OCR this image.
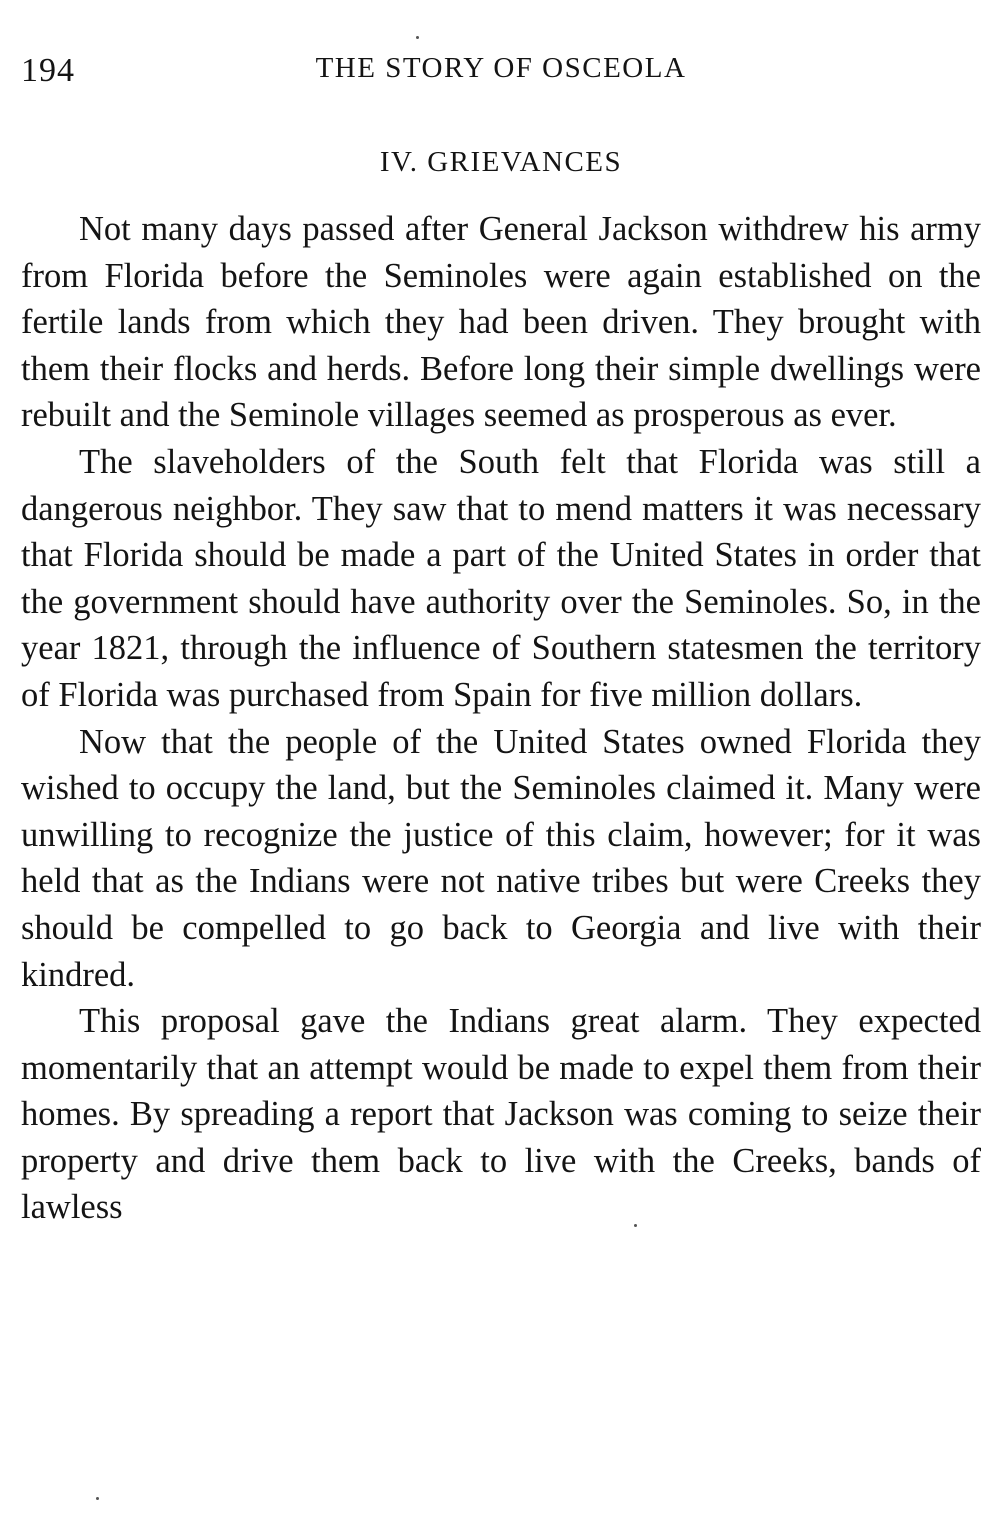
194	THE STORY OF OSCEOLA
IV. GRIEVANCES

Not many days passed after General Jackson withdrew his army from Florida before the Seminoles were again established on the fertile lands from which they had been driven. They brought with them their flocks and herds. Before long their simple dwellings were rebuilt and the Seminole villages seemed as prosperous as ever.

The slaveholders of the South felt that Florida was still a dangerous neighbor. They saw that to mend matters it was necessary that Florida should be made a part of the United States in order that the government should have authority over the Seminoles. So, in the year 1821, through the influence of Southern statesmen the territory of Florida was purchased from Spain for five million dollars.

Now that the people of the United States owned Florida they wished to occupy the land, but the Seminoles claimed it. Many were unwilling to recognize the justice of this claim, however; for it was held that as the Indians were not native tribes but were Creeks they should be compelled to go back to Georgia and live with their kindred.

This proposal gave the Indians great alarm. They expected momentarily that an attempt would be made to expel them from their homes. By spreading a report that Jackson was coming to seize their property and drive them back to live with the Creeks, bands of lawless
